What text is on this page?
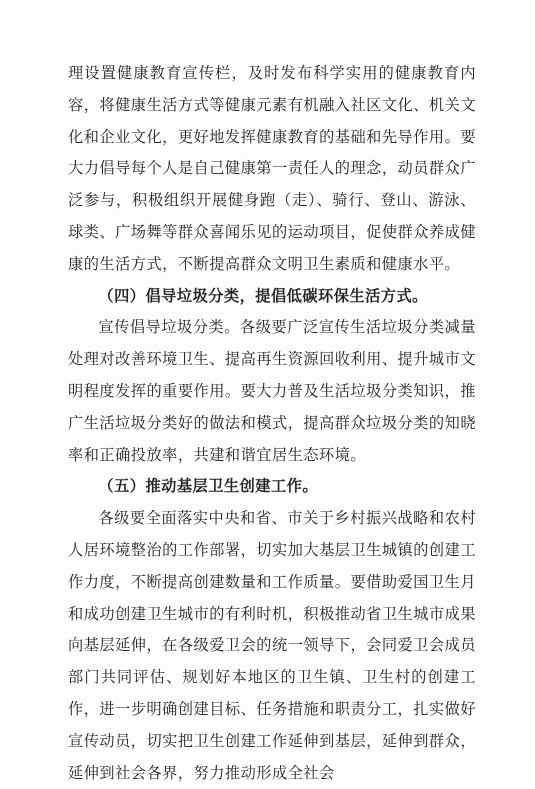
理设置健康教育宣传栏，及时发布科学实用的健康教育内容，将健康生活方式等健康元素有机融入社区文化、机关文化和企业文化，更好地发挥健康教育的基础和先导作用。要大力倡导每个人是自己健康第一责任人的理念，动员群众广泛参与，积极组织开展健身跑（走）、骑行、登山、游泳、球类、广场舞等群众喜闻乐见的运动项目，促使群众养成健康的生活方式，不断提高群众文明卫生素质和健康水平。

（四）倡导垃圾分类，提倡低碳环保生活方式。

宣传倡导垃圾分类。各级要广泛宣传生活垃圾分类减量处理对改善环境卫生、提高再生资源回收利用、提升城市文明程度发挥的重要作用。要大力普及生活垃圾分类知识，推广生活垃圾分类好的做法和模式，提高群众垃圾分类的知晓率和正确投放率，共建和谐宜居生态环境。

（五）推动基层卫生创建工作。

各级要全面落实中央和省、市关于乡村振兴战略和农村人居环境整治的工作部署，切实加大基层卫生城镇的创建工作力度，不断提高创建数量和工作质量。要借助爱国卫生月和成功创建卫生城市的有利时机，积极推动省卫生城市成果向基层延伸，在各级爱卫会的统一领导下，会同爱卫会成员部门共同评估、规划好本地区的卫生镇、卫生村的创建工作，进一步明确创建目标、任务措施和职责分工，扎实做好宣传动员，切实把卫生创建工作延伸到基层，延伸到群众，延伸到社会各界，努力推动形成全社会
